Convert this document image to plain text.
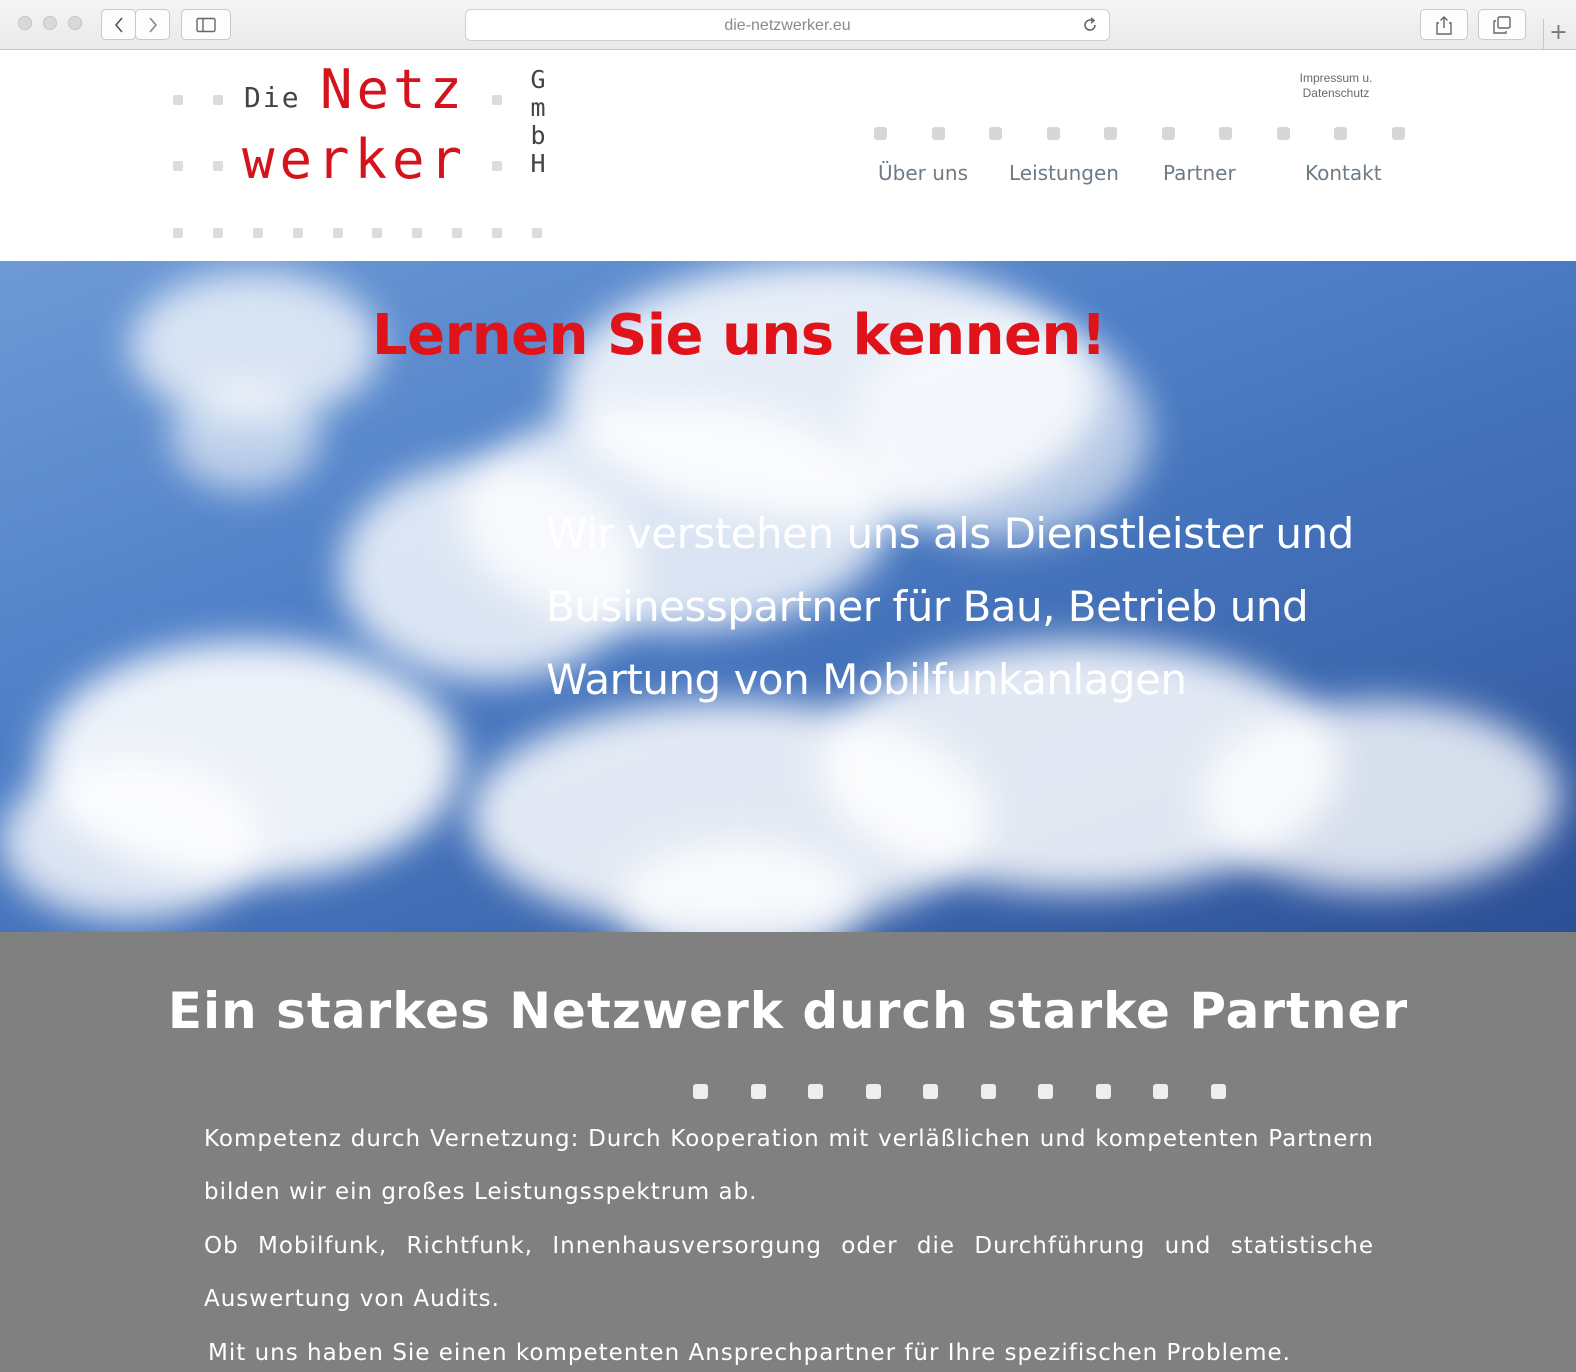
die-netzwerker.eu	+
Die Netz
werker
G
m
b
H
Impressum u. Datenschutz
Über uns Leistungen Partner	Kontakt
Lernen Sie uns kennen!

Wir verstehen uns als Dienstleister und Businesspartner für Bau, Betrieb und Wartung von Mobilfunkanlagen

Ein starkes Netzwerk durch starke Partner

Kompetenz durch Vernetzung: Durch Kooperation mit verläßlichen und kompetenten Partnern bilden wir ein großes Leistungsspektrum ab.

Ob Mobilfunk, Richtfunk, Innenhausversorgung oder die Durchführung und statistische Auswertung von Audits.

Mit uns haben Sie einen kompetenten Ansprechpartner für Ihre spezifischen Probleme.
